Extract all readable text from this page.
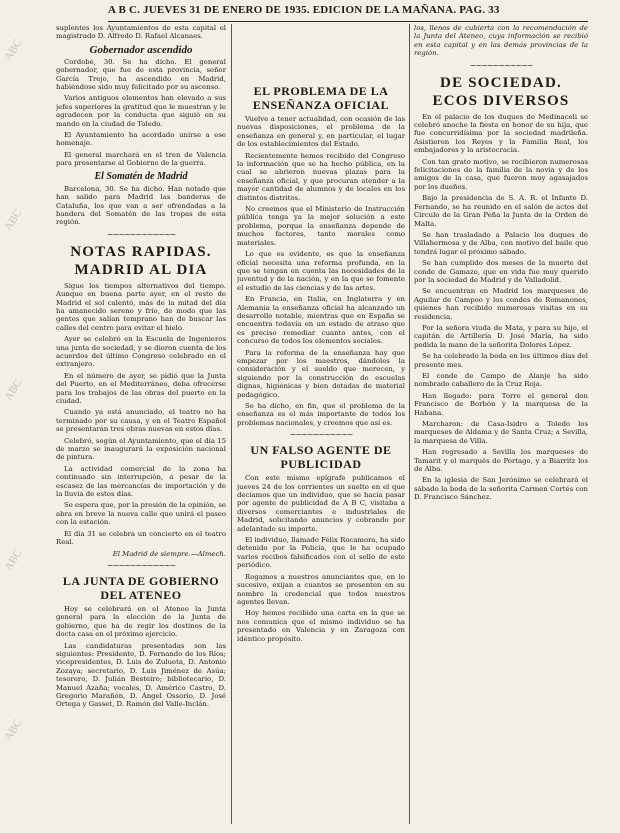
ABC
ABC
ABC
ABC
ABC
A B C. JUEVES 31 DE ENERO DE 1935. EDICION DE LA MAÑANA. PAG. 33

suplentes los Ayuntamientos de esta capital el magistrado D. Alfredo D. Rafael Alcanaes.

Gobernador ascendido

Cordobé, 30. Se ha dicho. El general gobernador, que fue de esta provincia, señor García Trejo, ha ascendido en Madrid, habiéndose sido muy felicitado por su ascenso.

Varios antiguos elementos han elevado a sus jefes superiores la gratitud que le muestran y le agradecen por la conducta que siguió en su mando en la ciudad de Toledo.

El Ayuntamiento ha acordado unirse a ese homenaje.

El general marchará en el tren de Valencia para presentarse al Gobierno de la guerra.

El Somatén de Madrid

Barcelona, 30. Se ha dicho. Han notado que han salido para Madrid las banderas de Cataluña, los que van a ser ofrendadas a la bandera del Somatén de las tropas de esta región.

~~~~~~~~~~~~
NOTAS RAPIDAS.
MADRID AL DIA

Sigue los tiempos alternativos del tiempo. Aunque en buena parte ayer, en el resto de Madrid el sol calentó, más de la mitad del día ha amanecido sereno y frío, de modo que las gentes que salían temprano han de buscar las calles del centro para evitar el hielo.

Ayer se celebró en la Escuela de Ingenieros una junta de sociedad, y se dieron cuenta de los acuerdos del último Congreso celebrado en el extranjero.

En el número de ayer, se pidió que la Junta del Puerto, en el Mediterráneo, deba ofrecerse para los trabajos de las obras del puerto en la ciudad.

Cuando ya está anunciado, el teatro no ha terminado por su causa, y en el Teatro Español se presentarán tres obras nuevas en estos días.

Celebró, según el Ayuntamiento, que el día 15 de marzo se inaugurará la exposición nacional de pintura.

La actividad comercial de la zona ha continuado sin interrupción, a pesar de la escasez de las mercancías de importación y de la lluvia de estos días.

Se espera que, por la presión de la opinión, se abra en breve la nueva calle que unirá el paseo con la estación.

El día 31 se celebra un concierto en el teatro Real.

El Madrid de siempre.—Almech.
~~~~~~~~~~~~
LA JUNTA DE GOBIERNO DEL ATENEO

Hoy se celebrará en el Ateneo la Junta general para la elección de la Junta de gobierno, que ha de regir los destinos de la docta casa en el próximo ejercicio.

Las candidaturas presentadas son las siguientes: Presidente, D. Fernando de los Ríos; vicepresidentes, D. Luis de Zulueta, D. Antonio Zozaya; secretario, D. Luis Jiménez de Asúa; tesorero, D. Julián Besteiro; bibliotecario, D. Manuel Azaña; vocales, D. Américo Castro, D. Gregorio Marañón, D. Ángel Ossorio, D. José Ortega y Gasset, D. Ramón del Valle-Inclán.

EL PROBLEMA DE LA ENSEÑANZA OFICIAL

Vuelve a tener actualidad, con ocasión de las nuevas disposiciones, el problema de la enseñanza en general y, en particular, el lugar de los establecimientos del Estado.

Recientemente hemos recibido del Congreso la información que se ha hecho pública, en la cual se abrieron nuevas plazas para la enseñanza oficial, y que procuran atender a la mayor cantidad de alumnos y de locales en los distintos distritos.

No creemos que el Ministerio de Instrucción pública tenga ya la mejor solución a este problema, porque la enseñanza depende de muchos factores, tanto morales como materiales.

Lo que es evidente, es que la enseñanza oficial necesita una reforma profunda, en la que se tengan en cuenta las necesidades de la juventud y de la nación, y en la que se fomente el estudio de las ciencias y de las artes.

En Francia, en Italia, en Inglaterra y en Alemania la enseñanza oficial ha alcanzado un desarrollo notable, mientras que en España se encuentra todavía en un estado de atraso que es preciso remediar cuanto antes, con el concurso de todos los elementos sociales.

Para la reforma de la enseñanza hay que empezar por los maestros, dándoles la consideración y el sueldo que merecen, y siguiendo por la construcción de escuelas dignas, higiénicas y bien dotadas de material pedagógico.

Se ha dicho, en fin, que el problema de la enseñanza es el más importante de todos los problemas nacionales, y creemos que así es.

~~~~~~~~~~~
UN FALSO AGENTE DE PUBLICIDAD

Con este mismo epígrafe publicamos el jueves 24 de los corrientes un suelto en el que decíamos que un individuo, que se hacía pasar por agente de publicidad de A B C, visitaba a diversos comerciantes e industriales de Madrid, solicitando anuncios y cobrando por adelantado su importe.

El individuo, llamado Félix Rocamora, ha sido detenido por la Policía, que le ha ocupado varios recibos falsificados con el sello de este periódico.

Rogamos a nuestros anunciantes que, en lo sucesivo, exijan a cuantos se presenten en su nombre la credencial que todos nuestros agentes llevan.

Hoy hemos recibido una carta en la que se nos comunica que el mismo individuo se ha presentado en Valencia y en Zaragoza con idéntico propósito.

los, llenos de cubierta con la recomendación de la Junta del Ateneo, cuya información se recibió en esta capital y en las demás provincias de la región.

~~~~~~~~~~~
DE SOCIEDAD.
ECOS DIVERSOS

En el palacio de los duques de Medinaceli se celebró anoche la fiesta en honor de su hija, que fue concurridísima por la sociedad madrileña. Asistieron los Reyes y la Familia Real, los embajadores y la aristocracia.

Con tan grato motivo, se recibieron numerosas felicitaciones de la familia de la novia y de los amigos de la casa, que fueron muy agasajados por los dueños.

Bajo la presidencia de S. A. R. el Infante D. Fernando, se ha reunido en el salón de actos del Círculo de la Gran Peña la Junta de la Orden de Malta.

Se han trasladado a Palacio los duques de Villahermosa y de Alba, con motivo del baile que tendrá lugar el próximo sábado.

Se han cumplido dos meses de la muerte del conde de Gamazo, que en vida fue muy querido por la sociedad de Madrid y de Valladolid.

Se encuentran en Madrid los marqueses de Aguilar de Campoo y los condes de Romanones, quienes han recibido numerosas visitas en su residencia.

Por la señora viuda de Mata, y para su hijo, el capitán de Artillería D. José María, ha sido pedida la mano de la señorita Dolores López.

Se ha celebrado la boda en los últimos días del presente mes.

El conde de Campo de Alanje ha sido nombrado caballero de la Cruz Roja.

Han llegado: para Torre el general don Francisco de Borbón y la marquesa de la Habana.

Marcharon: de Casa-Isidro a Toledo los marqueses de Aldama y de Santa Cruz; a Sevilla, la marquesa de Villa.

Han regresado a Sevilla los marqueses de Tamarit y el marqués de Portago, y a Biarritz los de Alba.

En la iglesia de San Jerónimo se celebrará el sábado la boda de la señorita Carmen Cortés con D. Francisco Sánchez.
